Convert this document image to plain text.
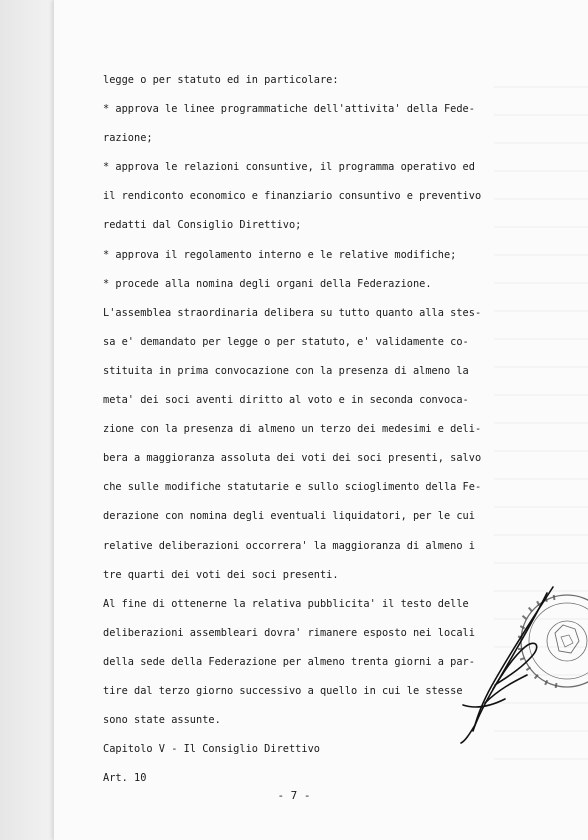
legge o per statuto ed in particolare:
* approva le linee programmatiche dell'attivita' della Fede-
razione;
* approva le relazioni consuntive, il programma operativo ed
il rendiconto economico e finanziario consuntivo e preventivo
redatti dal Consiglio Direttivo;
* approva il regolamento interno e le relative modifiche;
* procede alla nomina degli organi della Federazione.
L'assemblea straordinaria delibera su tutto quanto alla stes-
sa e' demandato per legge o per statuto, e' validamente co-
stituita in prima convocazione con la presenza di almeno la
meta' dei soci aventi diritto al voto e in seconda convoca-
zione con la presenza di almeno un terzo dei medesimi e deli-
bera a maggioranza assoluta dei voti dei soci presenti, salvo
che sulle modifiche statutarie e sullo scioglimento della Fe-
derazione con nomina degli eventuali liquidatori, per le cui
relative deliberazioni occorrera' la maggioranza di almeno i
tre quarti dei voti dei soci presenti.
Al fine di ottenerne la relativa pubblicita' il testo delle
deliberazioni assembleari dovra' rimanere esposto nei locali
della sede della Federazione per almeno trenta giorni a par-
tire dal terzo giorno successivo a quello in cui le stesse
sono state assunte.
Capitolo V - Il Consiglio Direttivo
Art. 10
- 7 -
